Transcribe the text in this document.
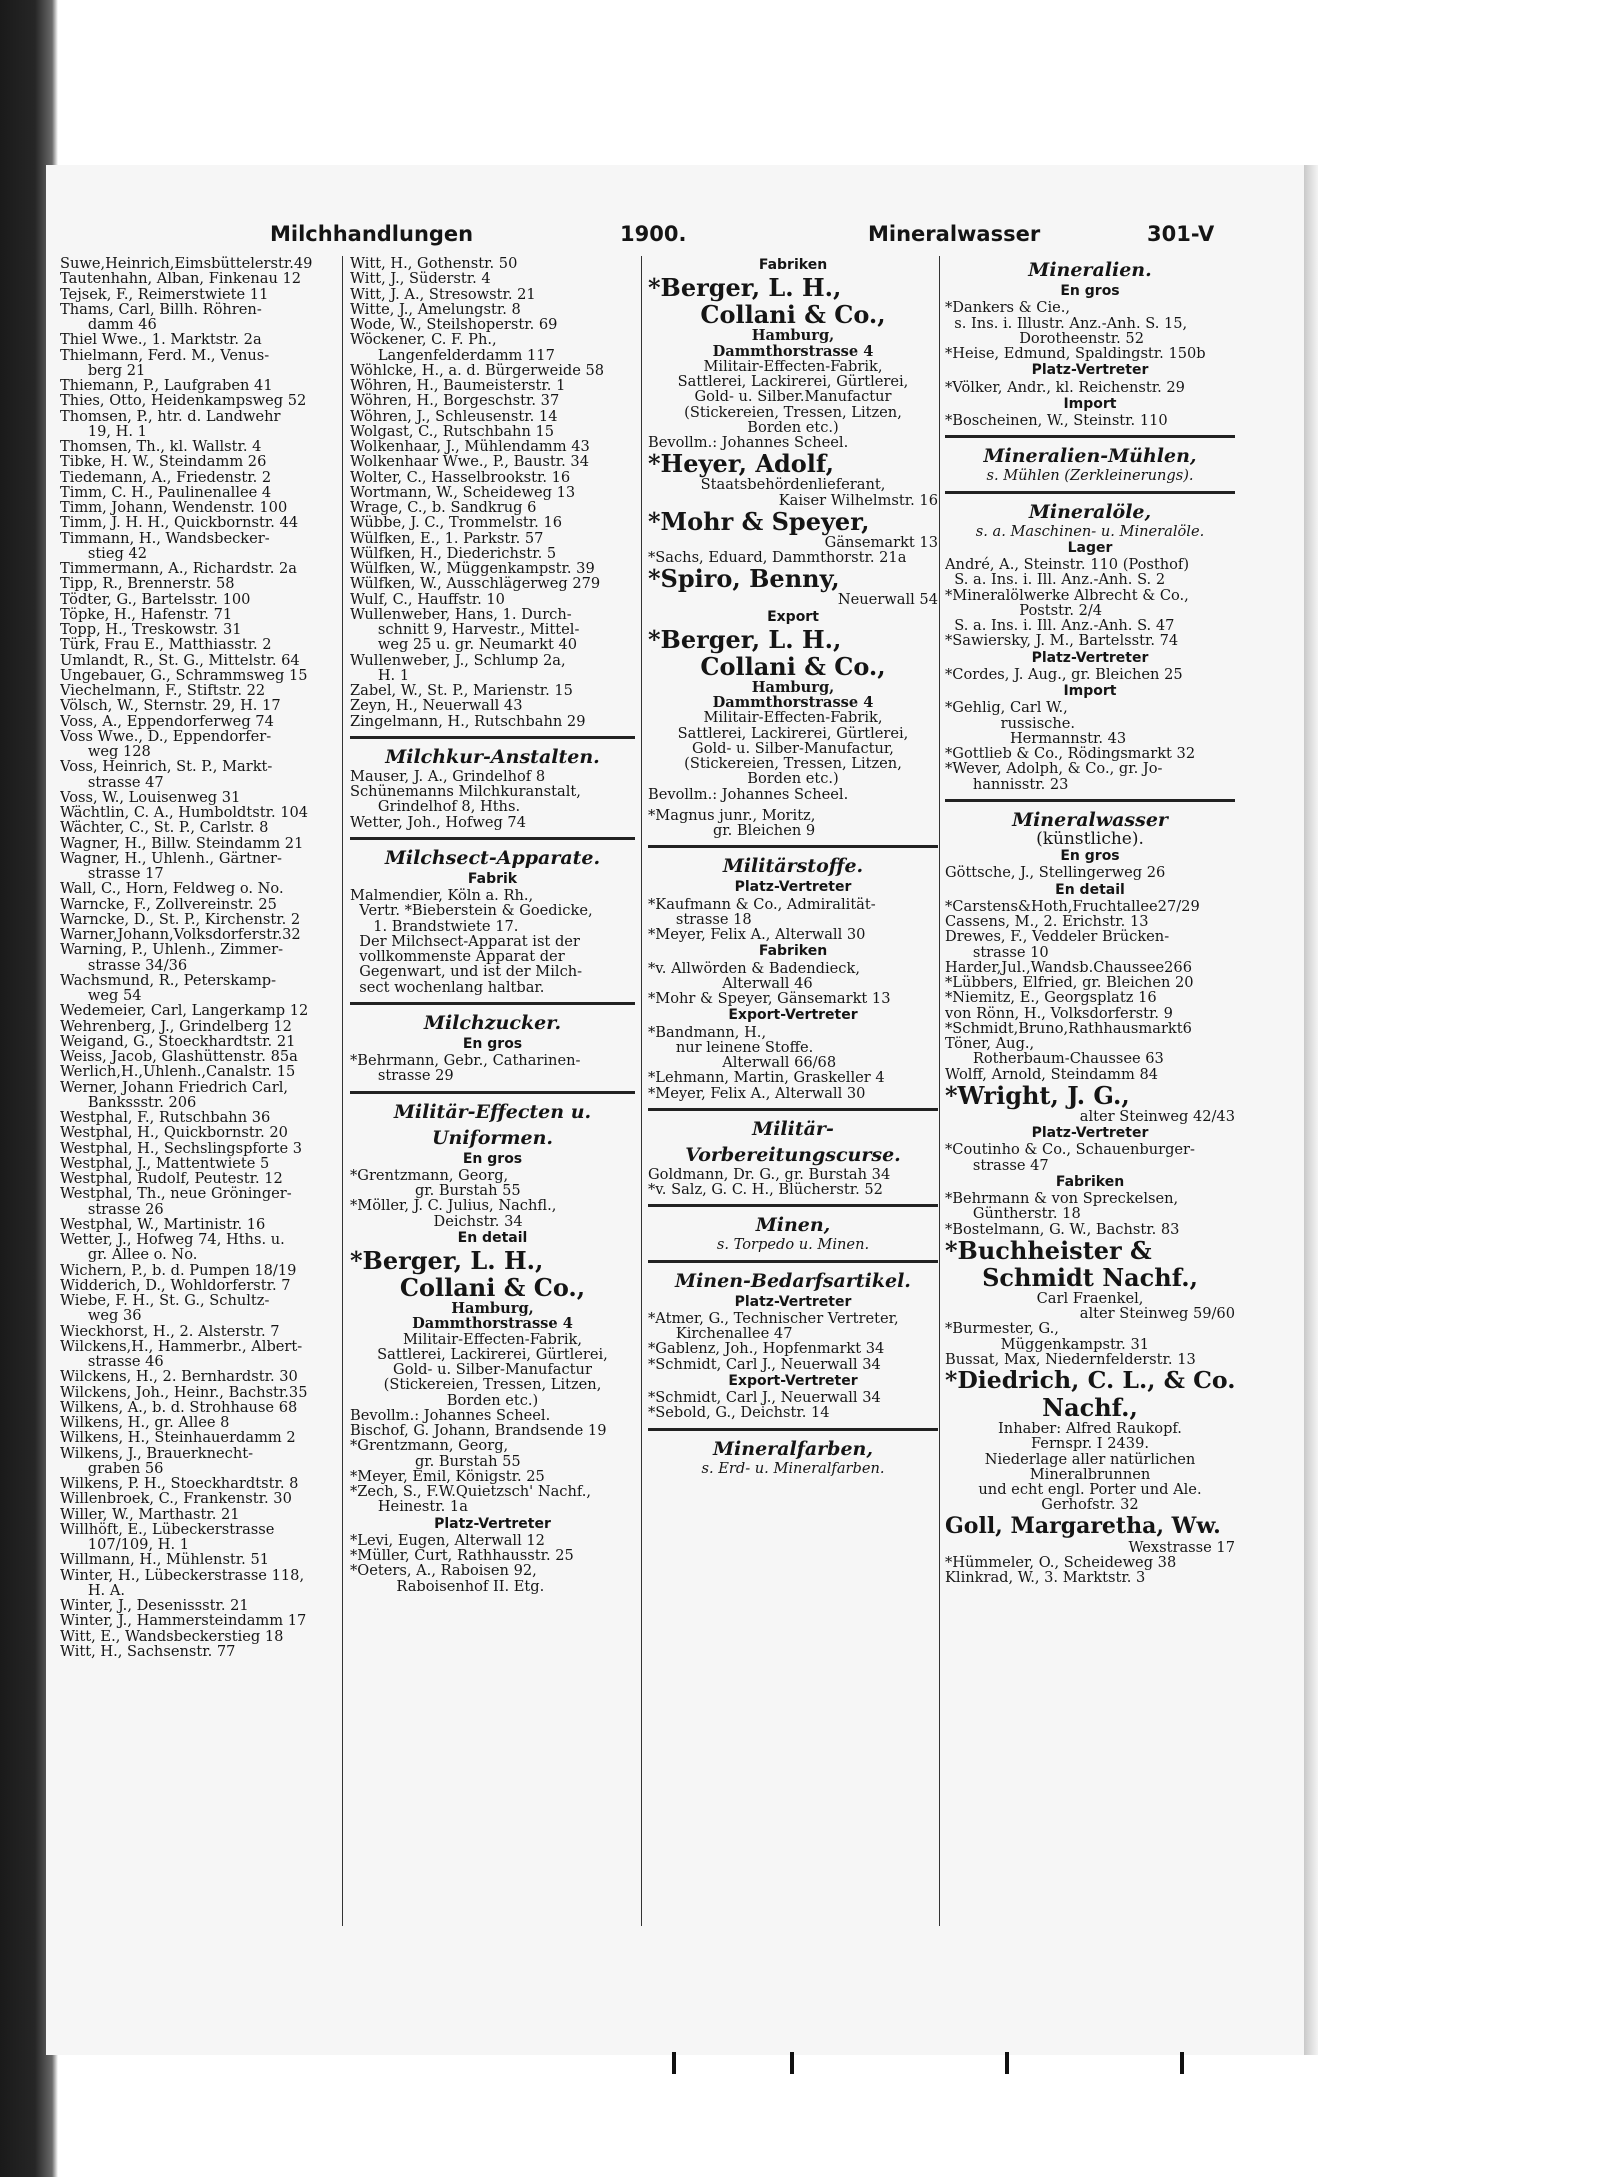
Milchhandlungen	1900.	Mineralwasser	301-V
Suwe,Heinrich,Eimsbüttelerstr.49
Tautenhahn, Alban, Finkenau 12
Tejsek, F., Reimerstwiete 11
Thams, Carl, Billh. Röhren-
damm 46
Thiel Wwe., 1. Marktstr. 2a
Thielmann, Ferd. M., Venus-
berg 21
Thiemann, P., Laufgraben 41
Thies, Otto, Heidenkampsweg 52
Thomsen, P., htr. d. Landwehr
19, H. 1
Thomsen, Th., kl. Wallstr. 4
Tibke, H. W., Steindamm 26
Tiedemann, A., Friedenstr. 2
Timm, C. H., Paulinenallee 4
Timm, Johann, Wendenstr. 100
Timm, J. H. H., Quickbornstr. 44
Timmann, H., Wandsbecker-
stieg 42
Timmermann, A., Richardstr. 2a
Tipp, R., Brennerstr. 58
Tödter, G., Bartelsstr. 100
Töpke, H., Hafenstr. 71
Topp, H., Treskowstr. 31
Türk, Frau E., Matthiasstr. 2
Umlandt, R., St. G., Mittelstr. 64
Ungebauer, G., Schrammsweg 15
Viechelmann, F., Stiftstr. 22
Völsch, W., Sternstr. 29, H. 17
Voss, A., Eppendorferweg 74
Voss Wwe., D., Eppendorfer-
weg 128
Voss, Heinrich, St. P., Markt-
strasse 47
Voss, W., Louisenweg 31
Wächtlin, C. A., Humboldtstr. 104
Wächter, C., St. P., Carlstr. 8
Wagner, H., Billw. Steindamm 21
Wagner, H., Uhlenh., Gärtner-
strasse 17
Wall, C., Horn, Feldweg o. No.
Warncke, F., Zollvereinstr. 25
Warncke, D., St. P., Kirchenstr. 2
Warner,Johann,Volksdorferstr.32
Warning, P., Uhlenh., Zimmer-
strasse 34/36
Wachsmund, R., Peterskamp-
weg 54
Wedemeier, Carl, Langerkamp 12
Wehrenberg, J., Grindelberg 12
Weigand, G., Stoeckhardtstr. 21
Weiss, Jacob, Glashüttenstr. 85a
Werlich,H.,Uhlenh.,Canalstr. 15
Werner, Johann Friedrich Carl,
Bankssstr. 206
Westphal, F., Rutschbahn 36
Westphal, H., Quickbornstr. 20
Westphal, H., Sechslingspforte 3
Westphal, J., Mattentwiete 5
Westphal, Rudolf, Peutestr. 12
Westphal, Th., neue Gröninger-
strasse 26
Westphal, W., Martinistr. 16
Wetter, J., Hofweg 74, Hths. u.
gr. Allee o. No.
Wichern, P., b. d. Pumpen 18/19
Widderich, D., Wohldorferstr. 7
Wiebe, F. H., St. G., Schultz-
weg 36
Wieckhorst, H., 2. Alsterstr. 7
Wilckens,H., Hammerbr., Albert-
strasse 46
Wilckens, H., 2. Bernhardstr. 30
Wilckens, Joh., Heinr., Bachstr.35
Wilkens, A., b. d. Strohhause 68
Wilkens, H., gr. Allee 8
Wilkens, H., Steinhauerdamm 2
Wilkens, J., Brauerknecht-
graben 56
Wilkens, P. H., Stoeckhardtstr. 8
Willenbroek, C., Frankenstr. 30
Willer, W., Marthastr. 21
Willhöft, E., Lübeckerstrasse
107/109, H. 1
Willmann, H., Mühlenstr. 51
Winter, H., Lübeckerstrasse 118,
H. A.
Winter, J., Desenissstr. 21
Winter, J., Hammersteindamm 17
Witt, E., Wandsbeckerstieg 18
Witt, H., Sachsenstr. 77
Witt, H., Gothenstr. 50
Witt, J., Süderstr. 4
Witt, J. A., Stresowstr. 21
Witte, J., Amelungstr. 8
Wode, W., Steilshoperstr. 69
Wöckener, C. F. Ph.,
Langenfelderdamm 117
Wöhlcke, H., a. d. Bürgerweide 58
Wöhren, H., Baumeisterstr. 1
Wöhren, H., Borgeschstr. 37
Wöhren, J., Schleusenstr. 14
Wolgast, C., Rutschbahn 15
Wolkenhaar, J., Mühlendamm 43
Wolkenhaar Wwe., P., Baustr. 34
Wolter, C., Hasselbrookstr. 16
Wortmann, W., Scheideweg 13
Wrage, C., b. Sandkrug 6
Wübbe, J. C., Trommelstr. 16
Wülfken, E., 1. Parkstr. 57
Wülfken, H., Diederichstr. 5
Wülfken, W., Müggenkampstr. 39
Wülfken, W., Ausschlägerweg 279
Wulf, C., Hauffstr. 10
Wullenweber, Hans, 1. Durch-
schnitt 9, Harvestr., Mittel-
weg 25 u. gr. Neumarkt 40
Wullenweber, J., Schlump 2a,
H. 1
Zabel, W., St. P., Marienstr. 15
Zeyn, H., Neuerwall 43
Zingelmann, H., Rutschbahn 29
Milchkur-Anstalten.
Mauser, J. A., Grindelhof 8
Schünemanns Milchkuranstalt,
Grindelhof 8, Hths.
Wetter, Joh., Hofweg 74
Milchsect-Apparate.
Fabrik
Malmendier, Köln a. Rh.,
Vertr. *Bieberstein & Goedicke,
1. Brandstwiete 17.
Der Milchsect-Apparat ist der
vollkommenste Apparat der
Gegenwart, und ist der Milch-
sect wochenlang haltbar.
Milchzucker.
En gros
*Behrmann, Gebr., Catharinen-
strasse 29
Militär-Effecten u.
Uniformen.
En gros
*Grentzmann, Georg,
gr. Burstah 55
*Möller, J. C. Julius, Nachfl.,
Deichstr. 34
En detail
*Berger, L. H.,
Collani & Co.,
Hamburg,
Dammthorstrasse 4
Militair-Effecten-Fabrik,
Sattlerei, Lackirerei, Gürtlerei,
Gold- u. Silber-Manufactur
(Stickereien, Tressen, Litzen,
Borden etc.)
Bevollm.: Johannes Scheel.
Bischof, G. Johann, Brandsende 19
*Grentzmann, Georg,
gr. Burstah 55
*Meyer, Emil, Königstr. 25
*Zech, S., F.W.Quietzsch' Nachf.,
Heinestr. 1a
Platz-Vertreter
*Levi, Eugen, Alterwall 12
*Müller, Curt, Rathhausstr. 25
*Oeters, A., Raboisen 92,
Raboisenhof II. Etg.
Fabriken
*Berger, L. H.,
Collani & Co.,
Hamburg,
Dammthorstrasse 4
Militair-Effecten-Fabrik,
Sattlerei, Lackirerei, Gürtlerei,
Gold- u. Silber.Manufactur
(Stickereien, Tressen, Litzen,
Borden etc.)
Bevollm.: Johannes Scheel.
*Heyer, Adolf,
Staatsbehördenlieferant,
Kaiser Wilhelmstr. 16
*Mohr & Speyer,
Gänsemarkt 13
*Sachs, Eduard, Dammthorstr. 21a
*Spiro, Benny,
Neuerwall 54
Export
*Berger, L. H.,
Collani & Co.,
Hamburg,
Dammthorstrasse 4
Militair-Effecten-Fabrik,
Sattlerei, Lackirerei, Gürtlerei,
Gold- u. Silber-Manufactur,
(Stickereien, Tressen, Litzen,
Borden etc.)
Bevollm.: Johannes Scheel.
*Magnus junr., Moritz,
gr. Bleichen 9
Militärstoffe.
Platz-Vertreter
*Kaufmann & Co., Admiralität-
strasse 18
*Meyer, Felix A., Alterwall 30
Fabriken
*v. Allwörden & Badendieck,
Alterwall 46
*Mohr & Speyer, Gänsemarkt 13
Export-Vertreter
*Bandmann, H.,
nur leinene Stoffe.
Alterwall 66/68
*Lehmann, Martin, Graskeller 4
*Meyer, Felix A., Alterwall 30
Militär-
Vorbereitungscurse.
Goldmann, Dr. G., gr. Burstah 34
*v. Salz, G. C. H., Blücherstr. 52
Minen,
s. Torpedo u. Minen.
Minen-Bedarfsartikel.
Platz-Vertreter
*Atmer, G., Technischer Vertreter,
Kirchenallee 47
*Gablenz, Joh., Hopfenmarkt 34
*Schmidt, Carl J., Neuerwall 34
Export-Vertreter
*Schmidt, Carl J., Neuerwall 34
*Sebold, G., Deichstr. 14
Mineralfarben,
s. Erd- u. Mineralfarben.
Mineralien.
En gros
*Dankers & Cie.,
s. Ins. i. Illustr. Anz.-Anh. S. 15,
Dorotheenstr. 52
*Heise, Edmund, Spaldingstr. 150b
Platz-Vertreter
*Völker, Andr., kl. Reichenstr. 29
Import
*Boscheinen, W., Steinstr. 110
Mineralien-Mühlen,
s. Mühlen (Zerkleinerungs).
Mineralöle,
s. a. Maschinen- u. Mineralöle.
Lager
André, A., Steinstr. 110 (Posthof)
S. a. Ins. i. Ill. Anz.-Anh. S. 2
*Mineralölwerke Albrecht & Co.,
Poststr. 2/4
S. a. Ins. i. Ill. Anz.-Anh. S. 47
*Sawiersky, J. M., Bartelsstr. 74
Platz-Vertreter
*Cordes, J. Aug., gr. Bleichen 25
Import
*Gehlig, Carl W.,
russische.
Hermannstr. 43
*Gottlieb & Co., Rödingsmarkt 32
*Wever, Adolph, & Co., gr. Jo-
hannisstr. 23
Mineralwasser
(künstliche).
En gros
Göttsche, J., Stellingerweg 26
En detail
*Carstens&Hoth,Fruchtallee27/29
Cassens, M., 2. Erichstr. 13
Drewes, F., Veddeler Brücken-
strasse 10
Harder,Jul.,Wandsb.Chaussee266
*Lübbers, Elfried, gr. Bleichen 20
*Niemitz, E., Georgsplatz 16
von Rönn, H., Volksdorferstr. 9
*Schmidt,Bruno,Rathhausmarkt6
Töner, Aug.,
Rotherbaum-Chaussee 63
Wolff, Arnold, Steindamm 84
*Wright, J. G.,
alter Steinweg 42/43
Platz-Vertreter
*Coutinho & Co., Schauenburger-
strasse 47
Fabriken
*Behrmann & von Spreckelsen,
Güntherstr. 18
*Bostelmann, G. W., Bachstr. 83
*Buchheister &
Schmidt Nachf.,
Carl Fraenkel,
alter Steinweg 59/60
*Burmester, G.,
Müggenkampstr. 31
Bussat, Max, Niedernfelderstr. 13
*Diedrich, C. L., & Co.
Nachf.,
Inhaber: Alfred Raukopf.
Fernspr. I 2439.
Niederlage aller natürlichen
Mineralbrunnen
und echt engl. Porter und Ale.
Gerhofstr. 32
Goll, Margaretha, Ww.
Wexstrasse 17
*Hümmeler, O., Scheideweg 38
Klinkrad, W., 3. Marktstr. 3
